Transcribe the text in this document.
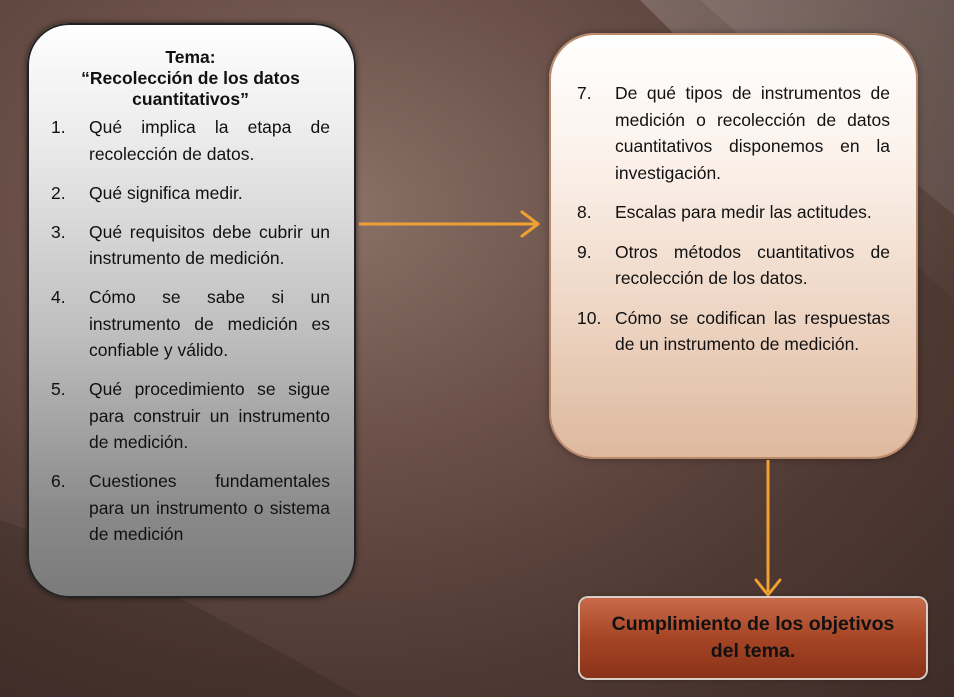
Tema:
“Recolección de los datos cuantitativos”
1.	Qué implica la etapa de recolección de datos.
2.	Qué significa medir.
3.	Qué requisitos debe cubrir un instrumento de medición.
4.	Cómo se sabe si un instrumento de medición es confiable y válido.
5.	Qué procedimiento se sigue para construir un instrumento de medición.
6.	Cuestiones fundamentales para un instrumento o sistema de medición
7.	De qué tipos de instrumentos de medición o recolección de datos cuantitativos disponemos en la investigación.
8.	Escalas para medir las actitudes.
9.	Otros métodos cuantitativos de recolección de los datos.
10. Cómo se codifican las respuestas de un instrumento de medición.
Cumplimiento de los objetivos del tema.
